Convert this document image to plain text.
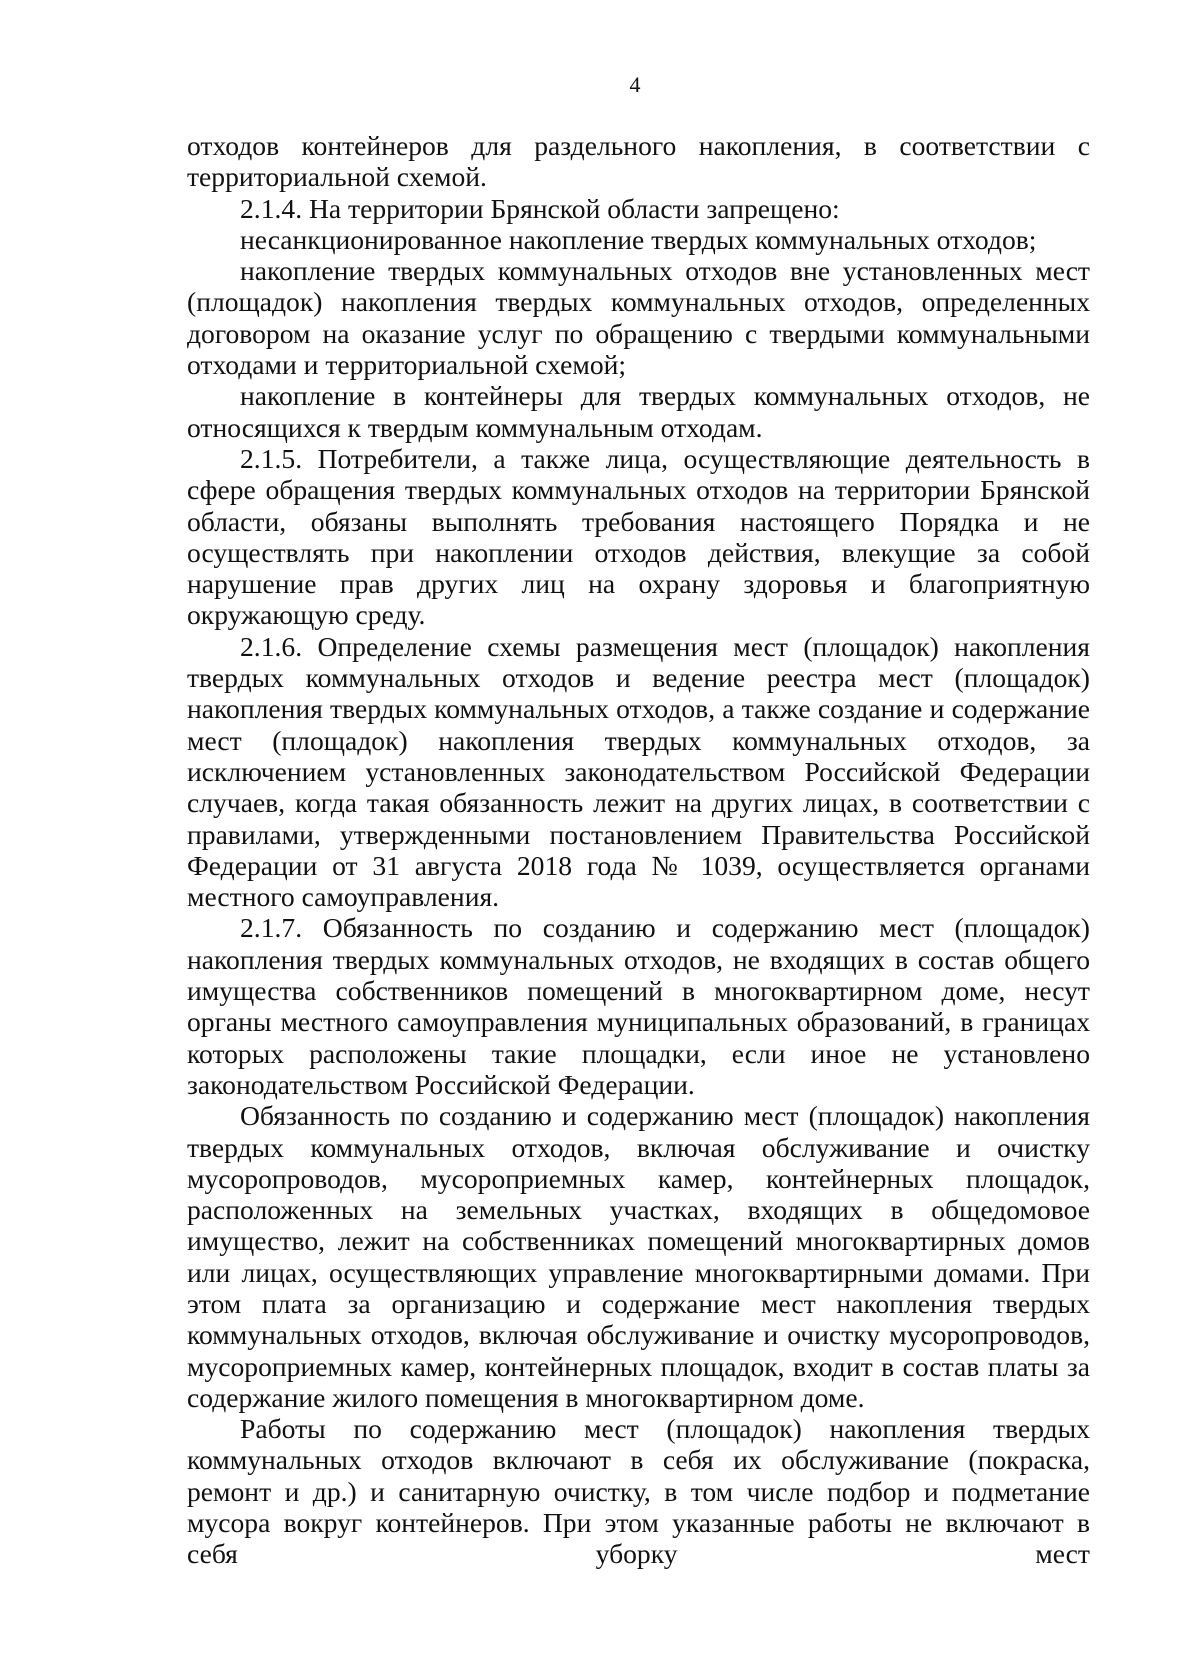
4

отходов контейнеров для раздельного накопления, в соответствии с территориальной схемой.

2.1.4. На территории Брянской области запрещено:

несанкционированное накопление твердых коммунальных отходов;

накопление твердых коммунальных отходов вне установленных мест (площадок) накопления твердых коммунальных отходов, определенных договором на оказание услуг по обращению с твердыми коммунальными отходами и территориальной схемой;

накопление в контейнеры для твердых коммунальных отходов, не относящихся к твердым коммунальным отходам.

2.1.5. Потребители, а также лица, осуществляющие деятельность в сфере обращения твердых коммунальных отходов на территории Брянской области, обязаны выполнять требования настоящего Порядка и не осуществлять при накоплении отходов действия, влекущие за собой нарушение прав других лиц на охрану здоровья и благоприятную окружающую среду.

2.1.6. Определение схемы размещения мест (площадок) накопления твердых коммунальных отходов и ведение реестра мест (площадок) накопления твердых коммунальных отходов, а также создание и содержание мест (площадок) накопления твердых коммунальных отходов, за исключением установленных законодательством Российской Федерации случаев, когда такая обязанность лежит на других лицах, в соответствии с правилами, утвержденными постановлением Правительства Российской Федерации от 31 августа 2018 года № 1039, осуществляется органами местного самоуправления.

2.1.7. Обязанность по созданию и содержанию мест (площадок) накопления твердых коммунальных отходов, не входящих в состав общего имущества собственников помещений в многоквартирном доме, несут органы местного самоуправления муниципальных образований, в границах которых расположены такие площадки, если иное не установлено законодательством Российской Федерации.

Обязанность по созданию и содержанию мест (площадок) накопления твердых коммунальных отходов, включая обслуживание и очистку мусоропроводов, мусороприемных камер, контейнерных площадок, расположенных на земельных участках, входящих в общедомовое имущество, лежит на собственниках помещений многоквартирных домов или лицах, осуществляющих управление многоквартирными домами. При этом плата за организацию и содержание мест накопления твердых коммунальных отходов, включая обслуживание и очистку мусоропроводов, мусороприемных камер, контейнерных площадок, входит в состав платы за содержание жилого помещения в многоквартирном доме.

Работы по содержанию мест (площадок) накопления твердых коммунальных отходов включают в себя их обслуживание (покраска, ремонт и др.) и санитарную очистку, в том числе подбор и подметание мусора вокруг контейнеров. При этом указанные работы не включают в себя уборку мест
